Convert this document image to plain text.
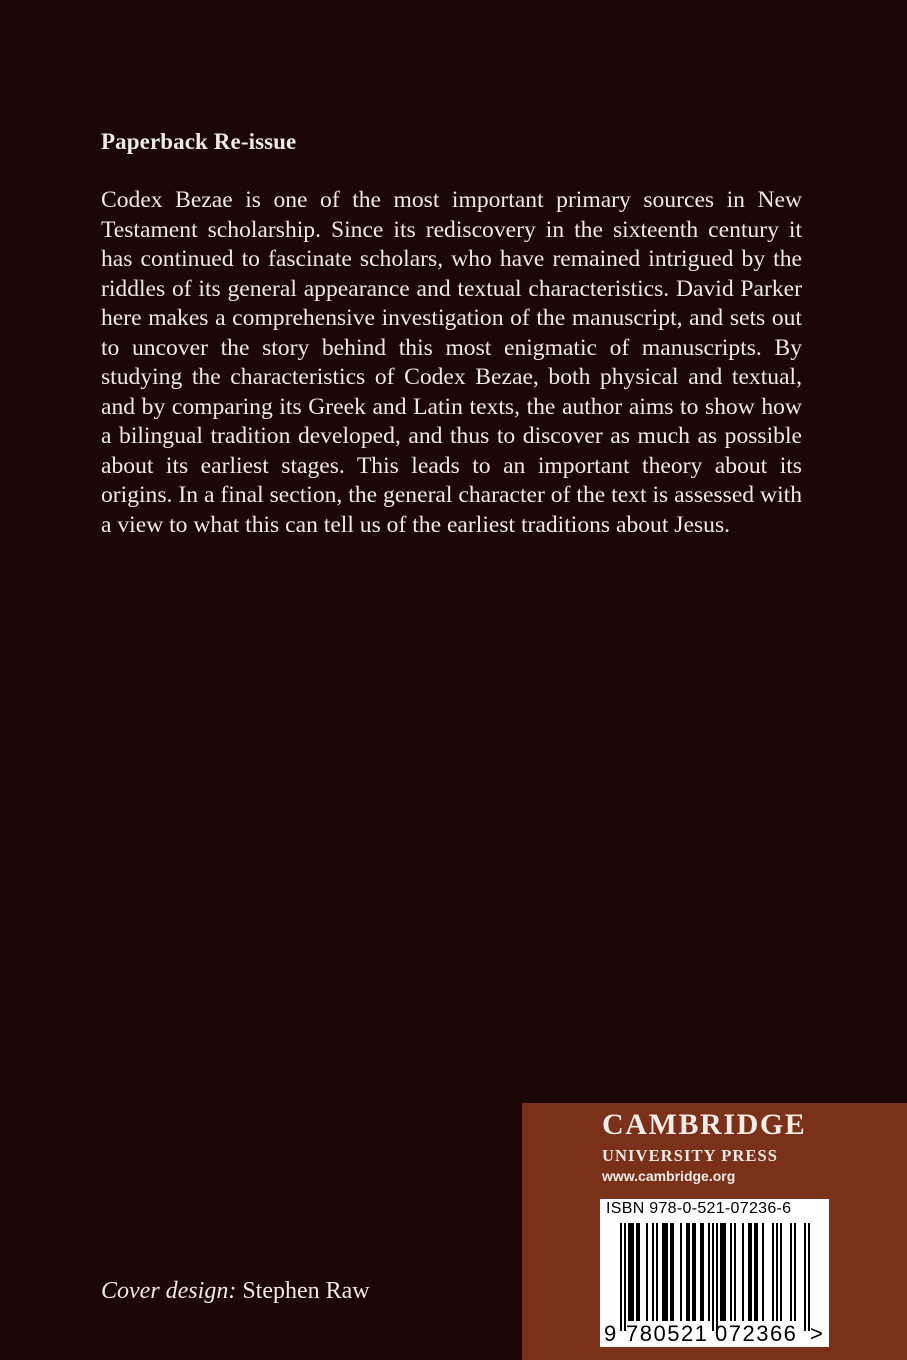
Paperback Re-issue
Codex Bezae is one of the most important primary sources in New Testament scholarship. Since its rediscovery in the sixteenth century it has continued to fascinate scholars, who have remained intrigued by the riddles of its general appearance and textual characteristics. David Parker here makes a comprehensive investigation of the manuscript, and sets out to uncover the story behind this most enigmatic of manuscripts. By studying the characteristics of Codex Bezae, both physical and textual, and by comparing its Greek and Latin texts, the author aims to show how a bilingual tradition developed, and thus to discover as much as possible about its earliest stages. This leads to an important theory about its origins. In a final section, the general character of the text is assessed with a view to what this can tell us of the earliest traditions about Jesus.
Cover design: Stephen Raw
CAMBRIDGE
UNIVERSITY PRESS
www.cambridge.org
ISBN 978-0-521-07236-6
9 780521 072366 >
